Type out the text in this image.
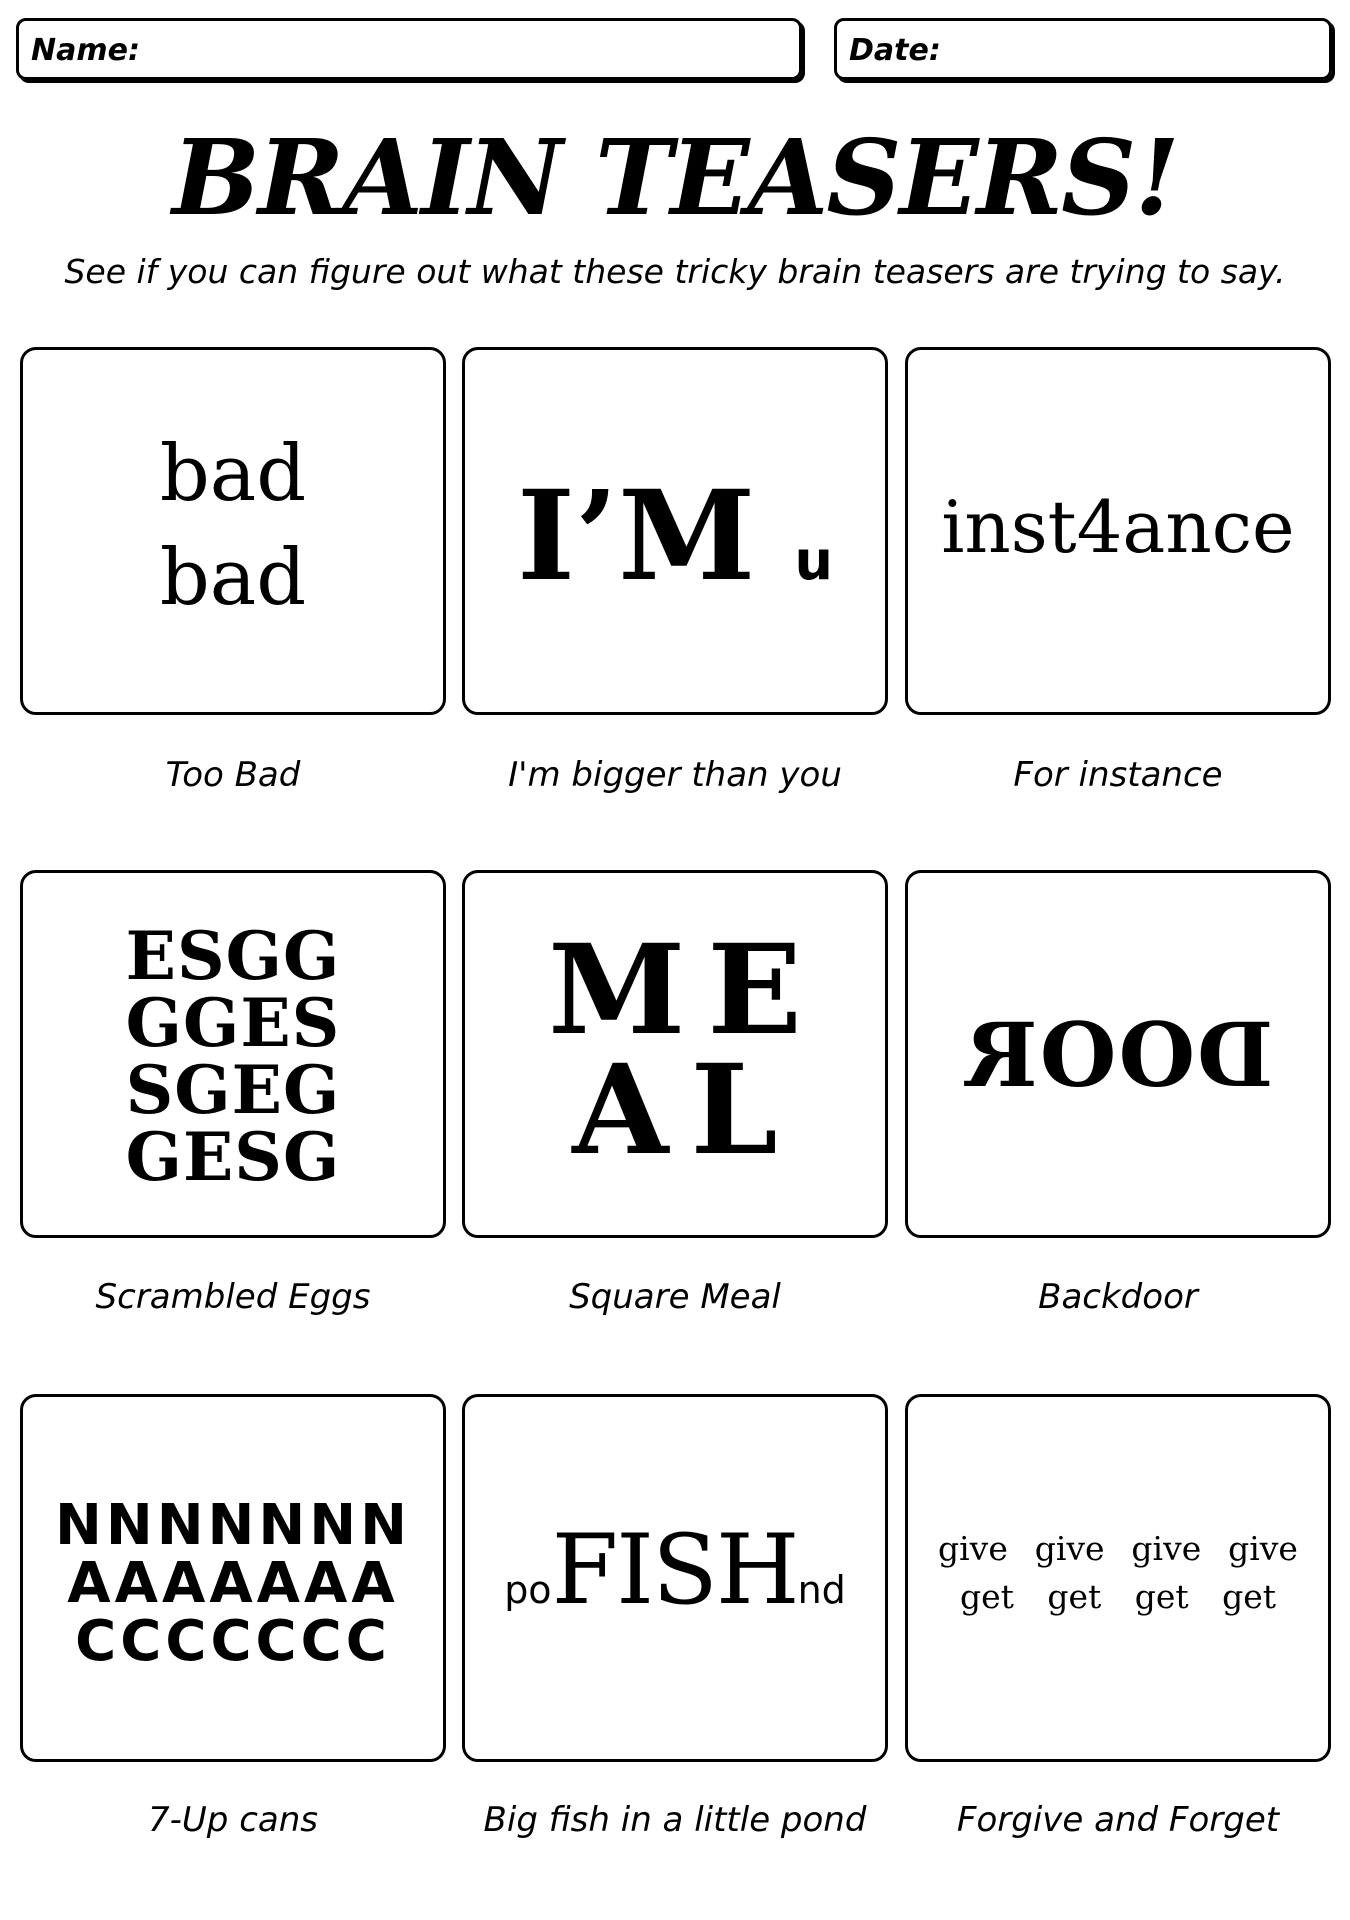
Name:	Date:
BRAIN TEASERS!
See if you can figure out what these tricky brain teasers are trying to say.
bad
bad
Too Bad
I’M u
I'm bigger than you
inst4ance
For instance
ESGG
GGES
SGEG
GESG
Scrambled Eggs
ME
AL
Square Meal
DOOR
Backdoor
NNNNNNN
AAAAAAA
CCCCCCC
7-Up cans
poFISHnd
Big fish in a little pond
give give give give
get get get get
Forgive and Forget
